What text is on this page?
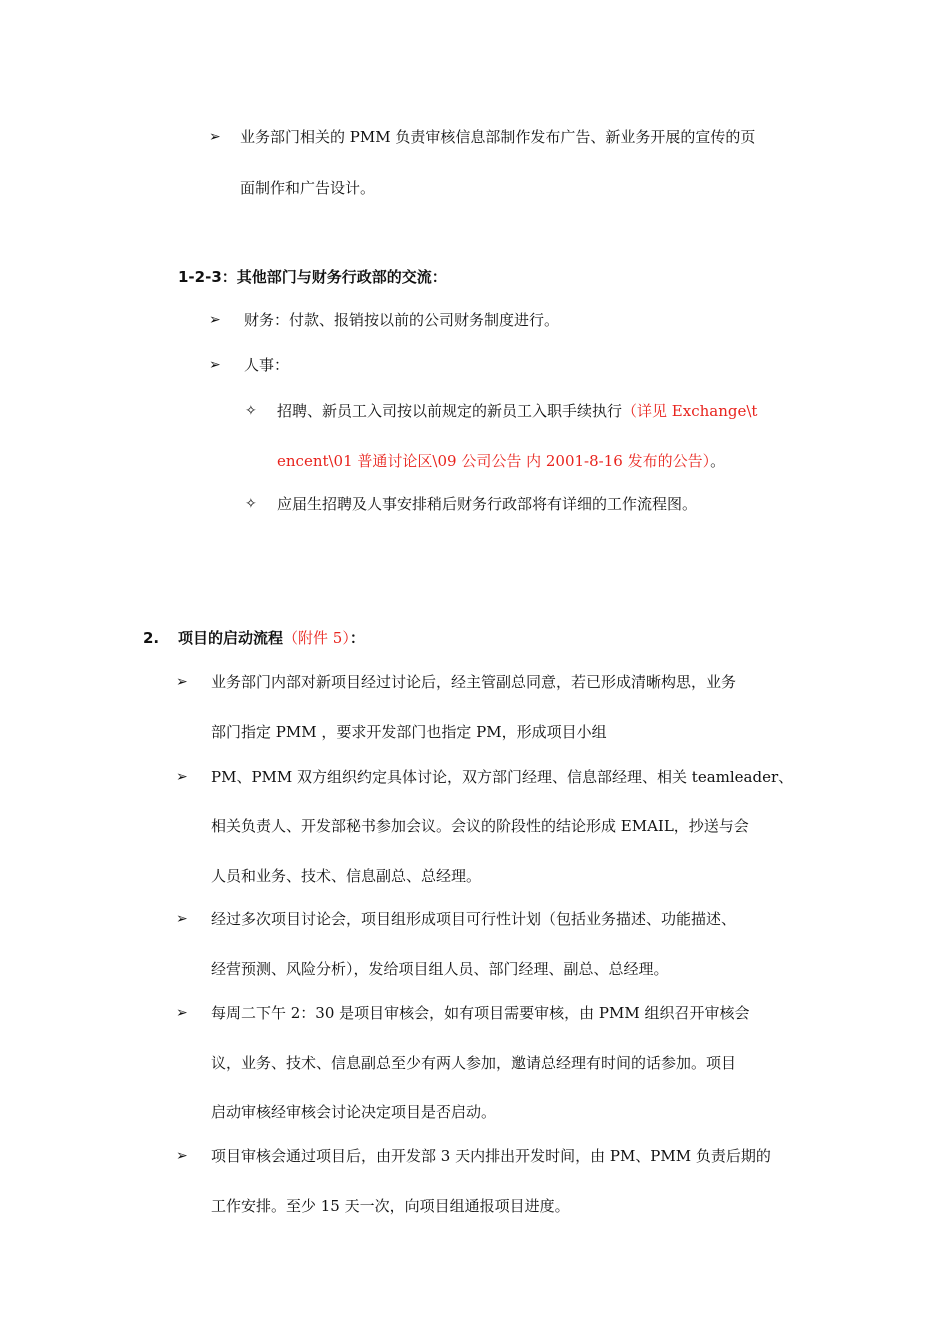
➢ 业务部门相关的 PMM 负责审核信息部制作发布广告、新业务开展的宣传的页
面制作和广告设计。
1-2-3：其他部门与财务行政部的交流：
➢ 财务：付款、报销按以前的公司财务制度进行。
➢ 人事：
✧ 招聘、新员工入司按以前规定的新员工入职手续执行（详见 Exchange\t
encent\01 普通讨论区\09 公司公告 内 2001-8-16 发布的公告）。
✧ 应届生招聘及人事安排稍后财务行政部将有详细的工作流程图。
2. 项目的启动流程（附件 5）：
➢ 业务部门内部对新项目经过讨论后，经主管副总同意，若已形成清晰构思，业务
部门指定 PMM ，要求开发部门也指定 PM，形成项目小组
➢ PM、PMM 双方组织约定具体讨论，双方部门经理、信息部经理、相关 teamleader、
相关负责人、开发部秘书参加会议。会议的阶段性的结论形成 EMAIL，抄送与会
人员和业务、技术、信息副总、总经理。
➢ 经过多次项目讨论会，项目组形成项目可行性计划（包括业务描述、功能描述、
经营预测、风险分析），发给项目组人员、部门经理、副总、总经理。
➢ 每周二下午 2：30 是项目审核会，如有项目需要审核，由 PMM 组织召开审核会
议，业务、技术、信息副总至少有两人参加，邀请总经理有时间的话参加。项目
启动审核经审核会讨论决定项目是否启动。
➢ 项目审核会通过项目后，由开发部 3 天内排出开发时间，由 PM、PMM 负责后期的
工作安排。至少 15 天一次，向项目组通报项目进度。
